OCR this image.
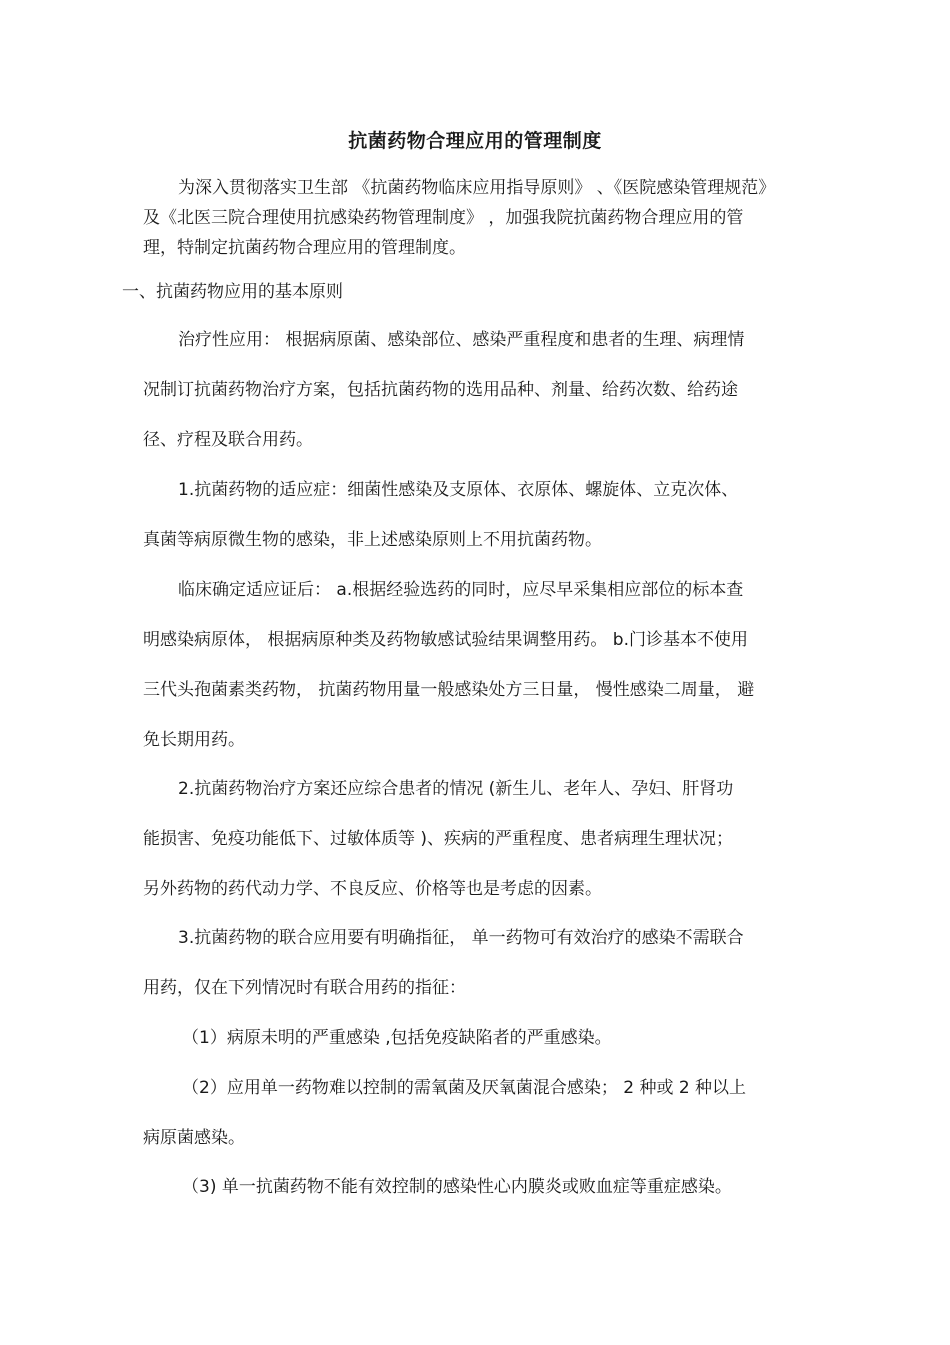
抗菌药物合理应用的管理制度

为深入贯彻落实卫生部 《抗菌药物临床应用指导原则》 、《医院感染管理规范》

及《北医三院合理使用抗感染药物管理制度》 ，加强我院抗菌药物合理应用的管

理，特制定抗菌药物合理应用的管理制度。

一、抗菌药物应用的基本原则

治疗性应用： 根据病原菌、感染部位、感染严重程度和患者的生理、病理情

况制订抗菌药物治疗方案，包括抗菌药物的选用品种、剂量、给药次数、给药途

径、疗程及联合用药。

1.抗菌药物的适应症：细菌性感染及支原体、衣原体、螺旋体、立克次体、

真菌等病原微生物的感染，非上述感染原则上不用抗菌药物。

临床确定适应证后： a.根据经验选药的同时，应尽早采集相应部位的标本查

明感染病原体， 根据病原种类及药物敏感试验结果调整用药。 b.门诊基本不使用

三代头孢菌素类药物， 抗菌药物用量一般感染处方三日量， 慢性感染二周量， 避

免长期用药。

2.抗菌药物治疗方案还应综合患者的情况 (新生儿、老年人、孕妇、肝肾功

能损害、免疫功能低下、过敏体质等 )、疾病的严重程度、患者病理生理状况；

另外药物的药代动力学、不良反应、价格等也是考虑的因素。

3.抗菌药物的联合应用要有明确指征， 单一药物可有效治疗的感染不需联合

用药，仅在下列情况时有联合用药的指征：

（1）病原未明的严重感染 ,包括免疫缺陷者的严重感染。

（2）应用单一药物难以控制的需氧菌及厌氧菌混合感染； 2 种或 2 种以上

病原菌感染。

（3) 单一抗菌药物不能有效控制的感染性心内膜炎或败血症等重症感染。
